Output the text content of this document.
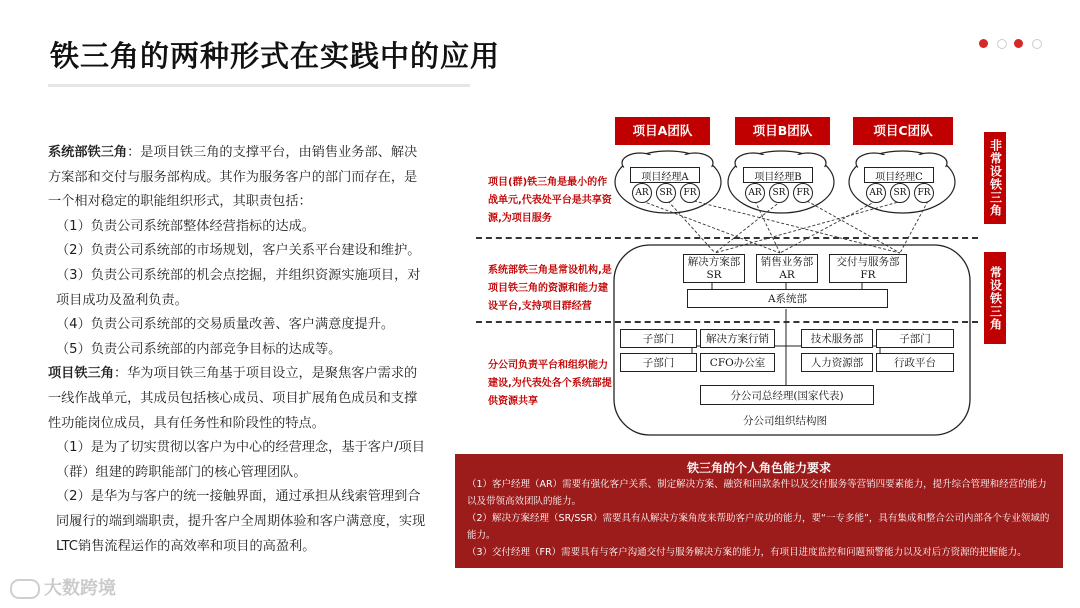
铁三角的两种形式在实践中的应用

系统部铁三角：是项目铁三角的支撑平台，由销售业务部、解决方案部和交付与服务部构成。其作为服务客户的部门而存在，是一个相对稳定的职能组织形式，其职责包括：

（1）负责公司系统部整体经营指标的达成。

（2）负责公司系统部的市场规划，客户关系平台建设和维护。

（3）负责公司系统部的机会点挖掘，并组织资源实施项目，对项目成功及盈利负责。

（4）负责公司系统部的交易质量改善、客户满意度提升。

（5）负责公司系统部的内部竞争目标的达成等。

项目铁三角：华为项目铁三角基于项目设立，是聚焦客户需求的一线作战单元，其成员包括核心成员、项目扩展角色成员和支撑性功能岗位成员，具有任务性和阶段性的特点。

（1）是为了切实贯彻以客户为中心的经营理念，基于客户/项目（群）组建的跨职能部门的核心管理团队。

（2）是华为与客户的统一接触界面，通过承担从线索管理到合同履行的端到端职责，提升客户全周期体验和客户满意度，实现LTC销售流程运作的高效率和项目的高盈利。

大数跨境
项目A团队	项目B团队	项目C团队
非常设铁三角
常设铁三角
项目(群)铁三角是最小的作战单元,代表处平台是共享资源,为项目服务
系统部铁三角是常设机构,是项目铁三角的资源和能力建设平台,支持项目群经营
分公司负责平台和组织能力建设,为代表处各个系统部提供资源共享
项目经理A	项目经理B	项目经理C
AR	SR	FR	AR	SR	FR	AR	SR	FR
解决方案部
SR
销售业务部
AR
交付与服务部
FR
A系统部
子部门	解决方案行销	技术服务部	子部门
子部门	CFO办公室	人力资源部	行政平台
分公司总经理(国家代表)
分公司组织结构图
铁三角的个人角色能力要求
（1）客户经理（AR）需要有强化客户关系、制定解决方案、融资和回款条件以及交付服务等营销四要素能力，提升综合管理和经营的能力以及带领高效团队的能力。
（2）解决方案经理（SR/SSR）需要具有从解决方案角度来帮助客户成功的能力，要“一专多能”，具有集成和整合公司内部各个专业领域的能力。
（3）交付经理（FR）需要具有与客户沟通交付与服务解决方案的能力，有项目进度监控和问题预警能力以及对后方资源的把握能力。
